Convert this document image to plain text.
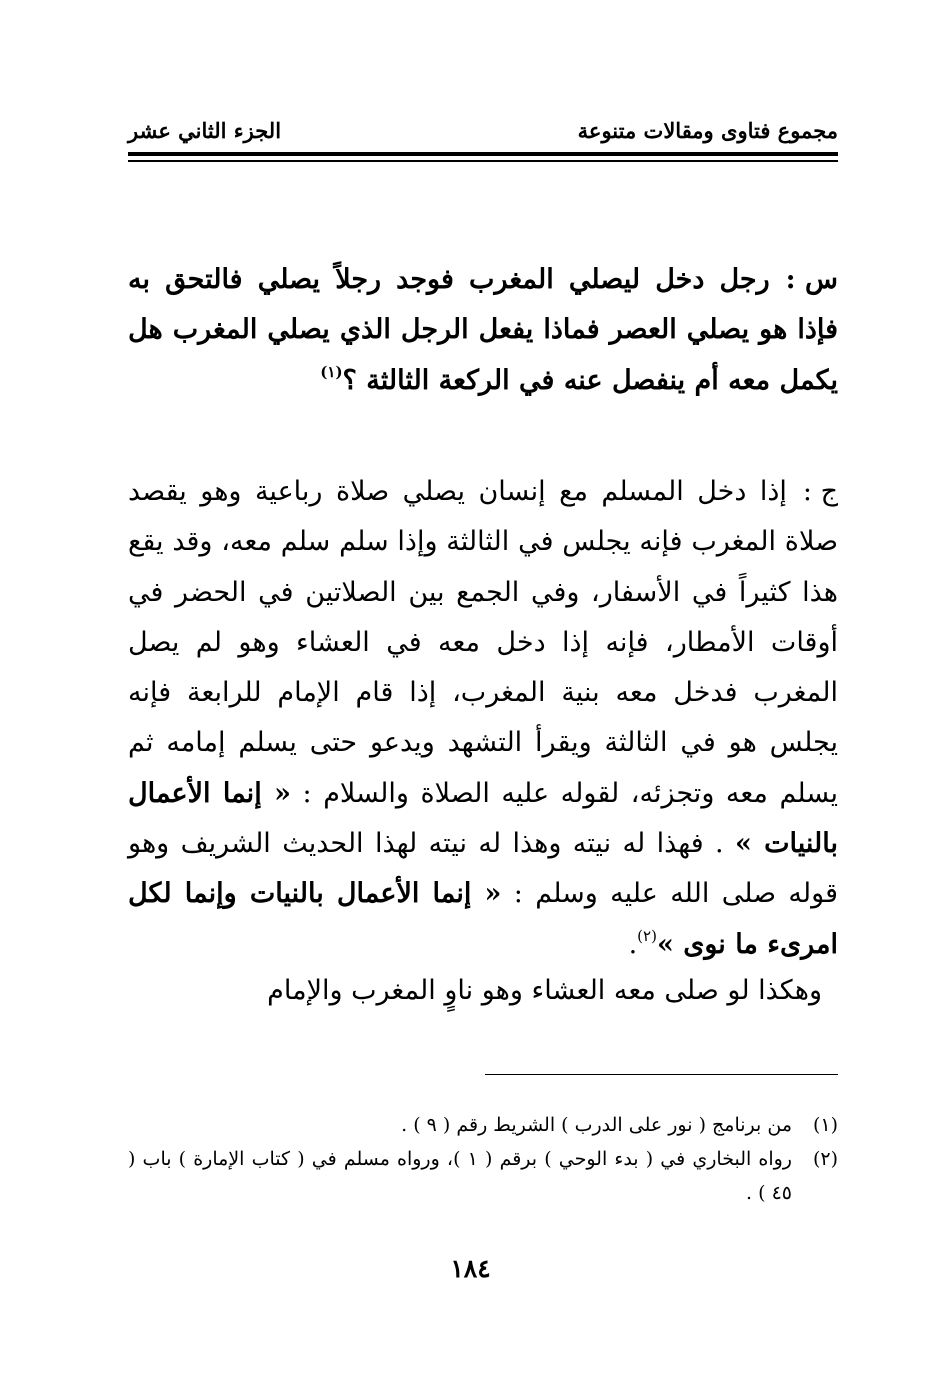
مجموع فتاوى ومقالات متنوعة
الجزء الثاني عشر
س :رجل دخل ليصلي المغرب فوجد رجلاً يصلي فالتحق به فإذا هو يصلي العصر فماذا يفعل الرجل الذي يصلي المغرب هل يكمل معه أم ينفصل عنه في الركعة الثالثة ؟$^{(١)}$
ج :إذا دخل المسلم مع إنسان يصلي صلاة رباعية وهو يقصد صلاة المغرب فإنه يجلس في الثالثة وإذا سلم سلم معه، وقد يقع هذا كثيراً في الأسفار، وفي الجمع بين الصلاتين في الحضر في أوقات الأمطار، فإنه إذا دخل معه في العشاء وهو لم يصل المغرب فدخل معه بنية المغرب، إذا قام الإمام للرابعة فإنه يجلس هو في الثالثة ويقرأ التشهد ويدعو حتى يسلم إمامه ثم يسلم معه وتجزئه، لقوله عليه الصلاة والسلام : « إنما الأعمال بالنيات » . فهذا له نيته وهذا له نيته لهذا الحديث الشريف وهو قوله صلى الله عليه وسلم : « إنما الأعمال بالنيات وإنما لكل امرىء ما نوى »$^{(٢)}$.
وهكذا لو صلى معه العشاء وهو ناوٍ المغرب والإمام
(١)
من برنامج ( نور على الدرب ) الشريط رقم ( ٩ ) .
(٢)
رواه البخاري في ( بدء الوحي ) برقم ( ١ )، ورواه مسلم في ( كتاب الإمارة ) باب ( ٤٥ ) .
١٨٤
